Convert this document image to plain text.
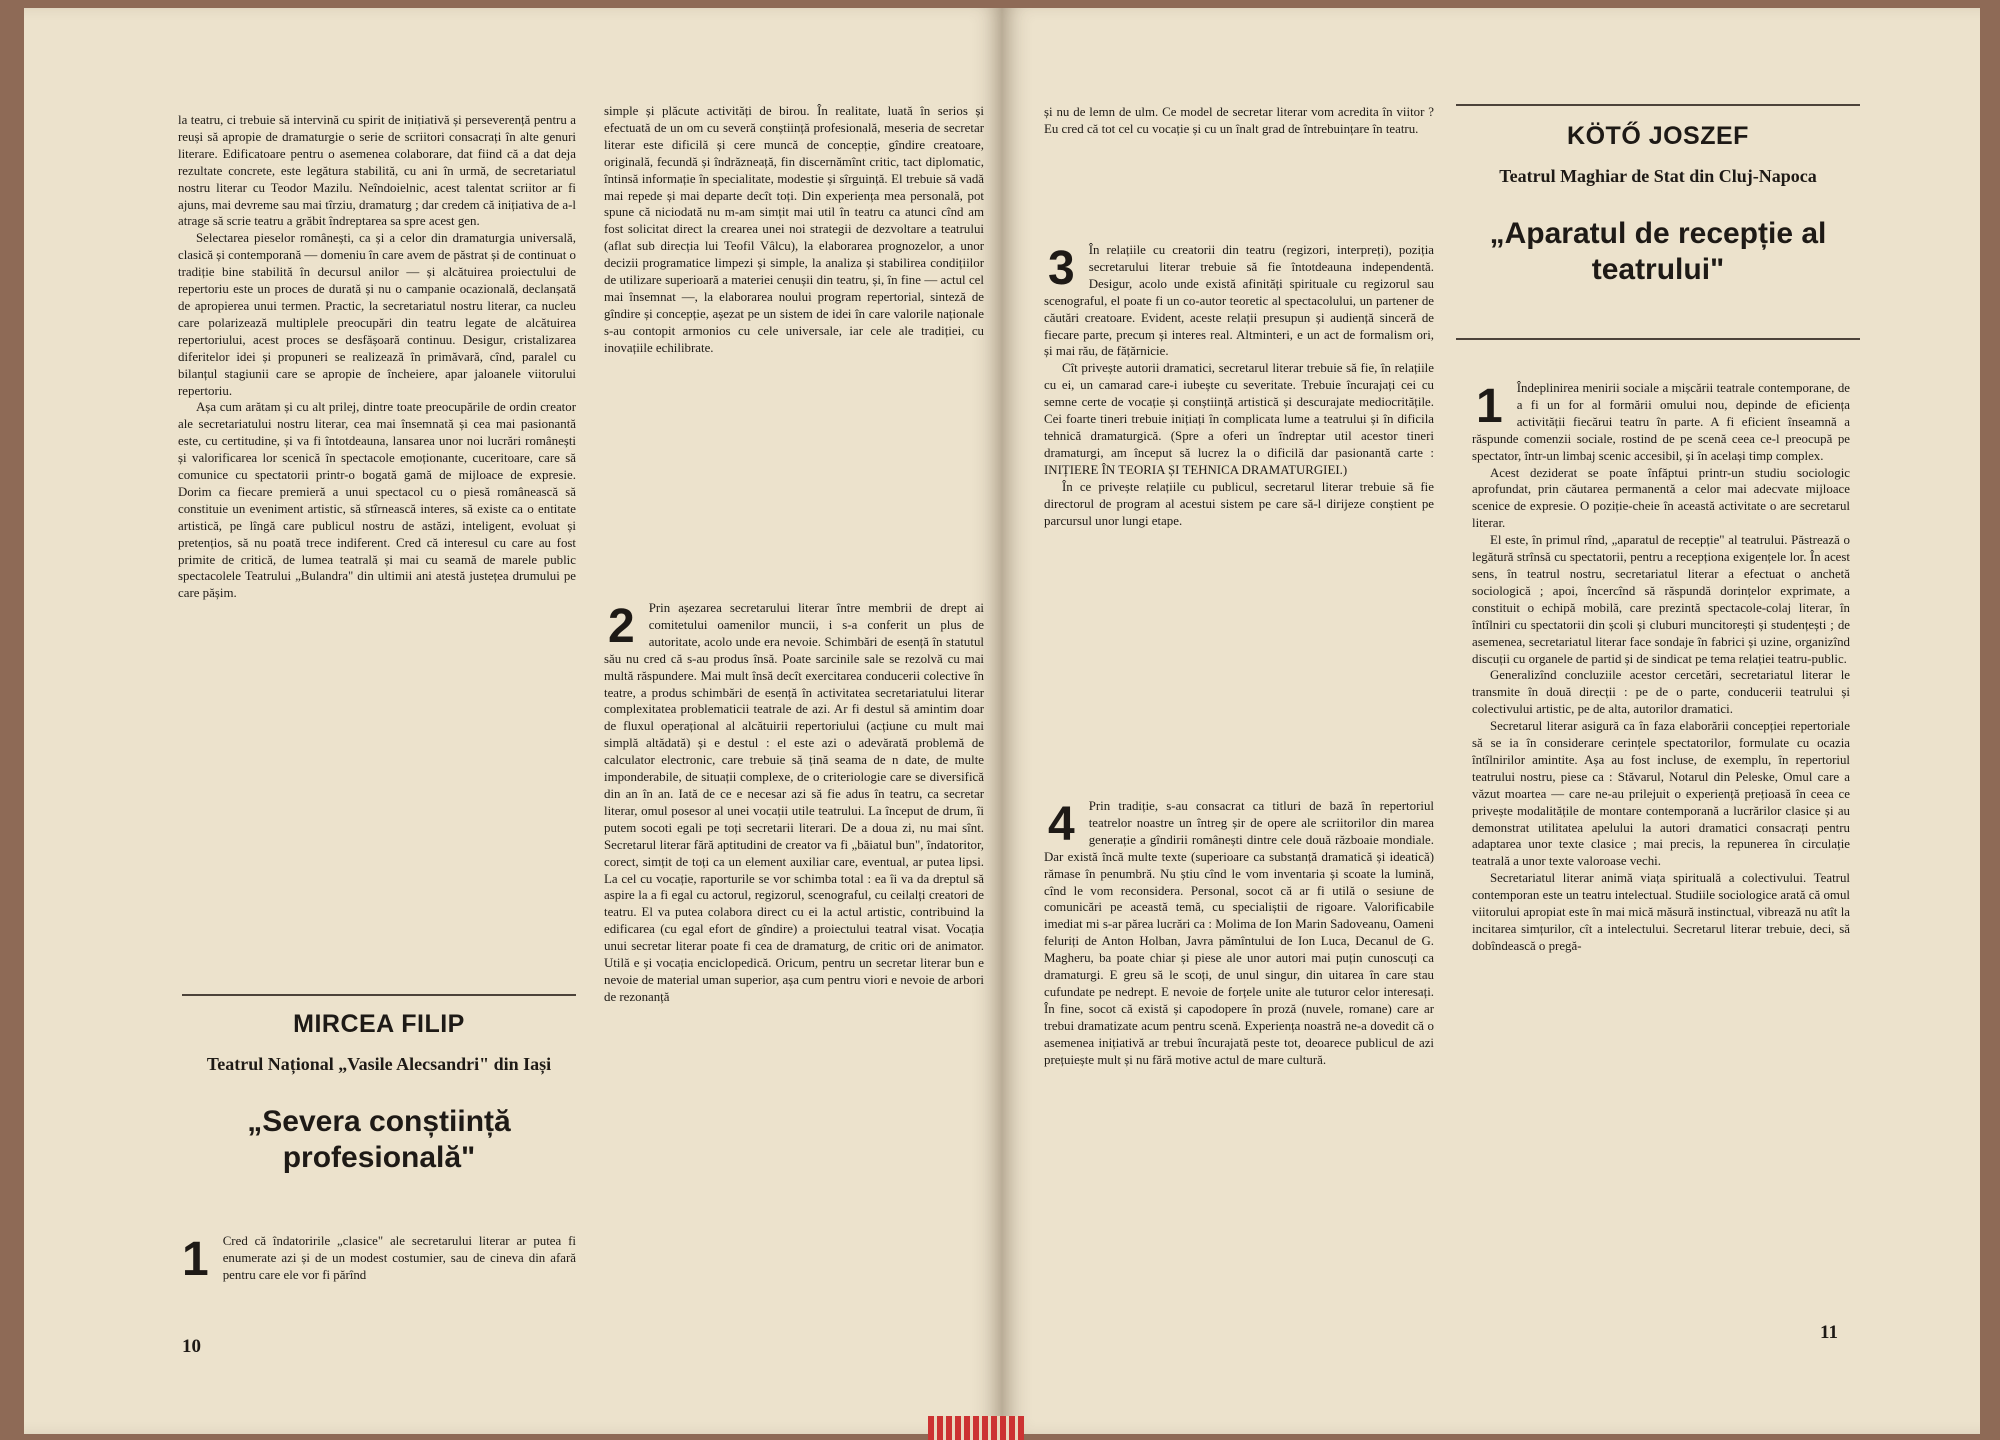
la teatru, ci trebuie să intervină cu spirit de inițiativă și perseverență pentru a reuși să apropie de dramaturgie o serie de scriitori consacrați în alte genuri literare. Edificatoare pentru o asemenea colaborare, dat fiind că a dat deja rezultate concrete, este legătura stabilită, cu ani în urmă, de secretariatul nostru literar cu Teodor Mazilu. Neîndoielnic, acest talentat scriitor ar fi ajuns, mai devreme sau mai tîrziu, dramaturg ; dar credem că inițiativa de a-l atrage să scrie teatru a grăbit îndreptarea sa spre acest gen.

Selectarea pieselor românești, ca și a celor din dramaturgia universală, clasică și contemporană — domeniu în care avem de păstrat și de continuat o tradiție bine stabilită în decursul anilor — și alcătuirea proiectului de repertoriu este un proces de durată și nu o campanie ocazională, declanșată de apropierea unui termen. Practic, la secretariatul nostru literar, ca nucleu care polarizează multiplele preocupări din teatru legate de alcătuirea repertoriului, acest proces se desfășoară continuu. Desigur, cristalizarea diferitelor idei și propuneri se realizează în primăvară, cînd, paralel cu bilanțul stagiunii care se apropie de încheiere, apar jaloanele viitorului repertoriu.

Așa cum arătam și cu alt prilej, dintre toate preocupările de ordin creator ale secretariatului nostru literar, cea mai însemnată și cea mai pasionantă este, cu certitudine, și va fi întotdeauna, lansarea unor noi lucrări românești și valorificarea lor scenică în spectacole emoționante, cuceritoare, care să comunice cu spectatorii printr-o bogată gamă de mijloace de expresie. Dorim ca fiecare premieră a unui spectacol cu o piesă românească să constituie un eveniment artistic, să stîrnească interes, să existe ca o entitate artistică, pe lîngă care publicul nostru de astăzi, inteligent, evoluat și pretențios, să nu poată trece indiferent. Cred că interesul cu care au fost primite de critică, de lumea teatrală și mai cu seamă de marele public spectacolele Teatrului „Bulandra" din ultimii ani atestă justețea drumului pe care pășim.

MIRCEA FILIP

Teatrul Național „Vasile Alecsandri" din Iași

„Severa conștiință profesională"

1	Cred că îndatoririle „clasice" ale secretarului literar ar putea fi enumerate azi și de un modest costumier, sau de cineva din afară pentru care ele vor fi părînd

simple și plăcute activități de birou. În realitate, luată în serios și efectuată de un om cu severă conștiință profesională, meseria de secretar literar este dificilă și cere muncă de concepție, gîndire creatoare, originală, fecundă și îndrăzneață, fin discernămînt critic, tact diplomatic, întinsă informație în specialitate, modestie și sîrguință. El trebuie să vadă mai repede și mai departe decît toți. Din experiența mea personală, pot spune că niciodată nu m-am simțit mai util în teatru ca atunci cînd am fost solicitat direct la crearea unei noi strategii de dezvoltare a teatrului (aflat sub direcția lui Teofil Vâlcu), la elaborarea prognozelor, a unor decizii programatice limpezi și simple, la analiza și stabilirea condițiilor de utilizare superioară a materiei cenușii din teatru, și, în fine — actul cel mai însemnat —, la elaborarea noului program repertorial, sinteză de gîndire și concepție, așezat pe un sistem de idei în care valorile naționale s-au contopit armonios cu cele universale, iar cele ale tradiției, cu inovațiile echilibrate.

2	Prin așezarea secretarului literar între membrii de drept ai comitetului oamenilor muncii, i s-a conferit un plus de autoritate, acolo unde era nevoie. Schimbări de esență în statutul său nu cred că s-au produs însă. Poate sarcinile sale se rezolvă cu mai multă răspundere. Mai mult însă decît exercitarea conducerii colective în teatre, a produs schimbări de esență în activitatea secretariatului literar complexitatea problematicii teatrale de azi. Ar fi destul să amintim doar de fluxul operațional al alcătuirii repertoriului (acțiune cu mult mai simplă altădată) și e destul : el este azi o adevărată problemă de calculator electronic, care trebuie să țină seama de n date, de multe imponderabile, de situații complexe, de o criteriologie care se diversifică din an în an. Iată de ce e necesar azi să fie adus în teatru, ca secretar literar, omul posesor al unei vocații utile teatrului. La început de drum, îi putem socoti egali pe toți secretarii literari. De a doua zi, nu mai sînt. Secretarul literar fără aptitudini de creator va fi „băiatul bun", îndatoritor, corect, simțit de toți ca un element auxiliar care, eventual, ar putea lipsi. La cel cu vocație, raporturile se vor schimba total : ea îi va da dreptul să aspire la a fi egal cu actorul, regizorul, scenograful, cu ceilalți creatori de teatru. El va putea colabora direct cu ei la actul artistic, contribuind la edificarea (cu egal efort de gîndire) a proiectului teatral visat. Vocația unui secretar literar poate fi cea de dramaturg, de critic ori de animator. Utilă e și vocația enciclopedică. Oricum, pentru un secretar literar bun e nevoie de material uman superior, așa cum pentru viori e nevoie de arbori de rezonanță

10

și nu de lemn de ulm. Ce model de secretar literar vom acredita în viitor ? Eu cred că tot cel cu vocație și cu un înalt grad de întrebuințare în teatru.

3	În relațiile cu creatorii din teatru (regizori, interpreți), poziția secretarului literar trebuie să fie întotdeauna independentă. Desigur, acolo unde există afinități spirituale cu regizorul sau scenograful, el poate fi un co-autor teoretic al spectacolului, un partener de căutări creatoare. Evident, aceste relații presupun și audiență sinceră de fiecare parte, precum și interes real. Altminteri, e un act de formalism ori, și mai rău, de fățărnicie.

Cît privește autorii dramatici, secretarul literar trebuie să fie, în relațiile cu ei, un camarad care-i iubește cu severitate. Trebuie încurajați cei cu semne certe de vocație și conștiință artistică și descurajate mediocritățile. Cei foarte tineri trebuie inițiați în complicata lume a teatrului și în dificila tehnică dramaturgică. (Spre a oferi un îndreptar util acestor tineri dramaturgi, am început să lucrez la o dificilă dar pasionantă carte : INIȚIERE ÎN TEORIA ȘI TEHNICA DRAMATURGIEI.)

În ce privește relațiile cu publicul, secretarul literar trebuie să fie directorul de program al acestui sistem pe care să-l dirijeze conștient pe parcursul unor lungi etape.

4	Prin tradiție, s-au consacrat ca titluri de bază în repertoriul teatrelor noastre un întreg șir de opere ale scriitorilor din marea generație a gîndirii românești dintre cele două războaie mondiale. Dar există încă multe texte (superioare ca substanță dramatică și ideatică) rămase în penumbră. Nu știu cînd le vom inventaria și scoate la lumină, cînd le vom reconsidera. Personal, socot că ar fi utilă o sesiune de comunicări pe această temă, cu specialiștii de rigoare. Valorificabile imediat mi s-ar părea lucrări ca : Molima de Ion Marin Sadoveanu, Oameni feluriți de Anton Holban, Javra pămîntului de Ion Luca, Decanul de G. Magheru, ba poate chiar și piese ale unor autori mai puțin cunoscuți ca dramaturgi. E greu să le scoți, de unul singur, din uitarea în care stau cufundate pe nedrept. E nevoie de forțele unite ale tuturor celor interesați. În fine, socot că există și capodopere în proză (nuvele, romane) care ar trebui dramatizate acum pentru scenă. Experiența noastră ne-a dovedit că o asemenea inițiativă ar trebui încurajată peste tot, deoarece publicul de azi prețuiește mult și nu fără motive actul de mare cultură.

KÖTŐ JOSZEF

Teatrul Maghiar de Stat din Cluj-Napoca

„Aparatul de recepție al teatrului"

1	Îndeplinirea menirii sociale a mișcării teatrale contemporane, de a fi un for al formării omului nou, depinde de eficiența activității fiecărui teatru în parte. A fi eficient înseamnă a răspunde comenzii sociale, rostind de pe scenă ceea ce-l preocupă pe spectator, într-un limbaj scenic accesibil, și în același timp complex.

Acest deziderat se poate înfăptui printr-un studiu sociologic aprofundat, prin căutarea permanentă a celor mai adecvate mijloace scenice de expresie. O poziție-cheie în această activitate o are secretarul literar.

El este, în primul rînd, „aparatul de recepție" al teatrului. Păstrează o legătură strînsă cu spectatorii, pentru a recepționa exigențele lor. În acest sens, în teatrul nostru, secretariatul literar a efectuat o anchetă sociologică ; apoi, încercînd să răspundă dorințelor exprimate, a constituit o echipă mobilă, care prezintă spectacole-colaj literar, în întîlniri cu spectatorii din școli și cluburi muncitorești și studențești ; de asemenea, secretariatul literar face sondaje în fabrici și uzine, organizînd discuții cu organele de partid și de sindicat pe tema relației teatru-public.

Generalizînd concluziile acestor cercetări, secretariatul literar le transmite în două direcții : pe de o parte, conducerii teatrului și colectivului artistic, pe de alta, autorilor dramatici.

Secretarul literar asigură ca în faza elaborării concepției repertoriale să se ia în considerare cerințele spectatorilor, formulate cu ocazia întîlnirilor amintite. Așa au fost incluse, de exemplu, în repertoriul teatrului nostru, piese ca : Stăvarul, Notarul din Peleske, Omul care a văzut moartea — care ne-au prilejuit o experiență prețioasă în ceea ce privește modalitățile de montare contemporană a lucrărilor clasice și au demonstrat utilitatea apelului la autori dramatici consacrați pentru adaptarea unor texte clasice ; mai precis, la repunerea în circulație teatrală a unor texte valoroase vechi.

Secretariatul literar animă viața spirituală a colectivului. Teatrul contemporan este un teatru intelectual. Studiile sociologice arată că omul viitorului apropiat este în mai mică măsură instinctual, vibrează nu atît la incitarea simțurilor, cît a intelectului. Secretarul literar trebuie, deci, să dobîndească o pregă-

11
